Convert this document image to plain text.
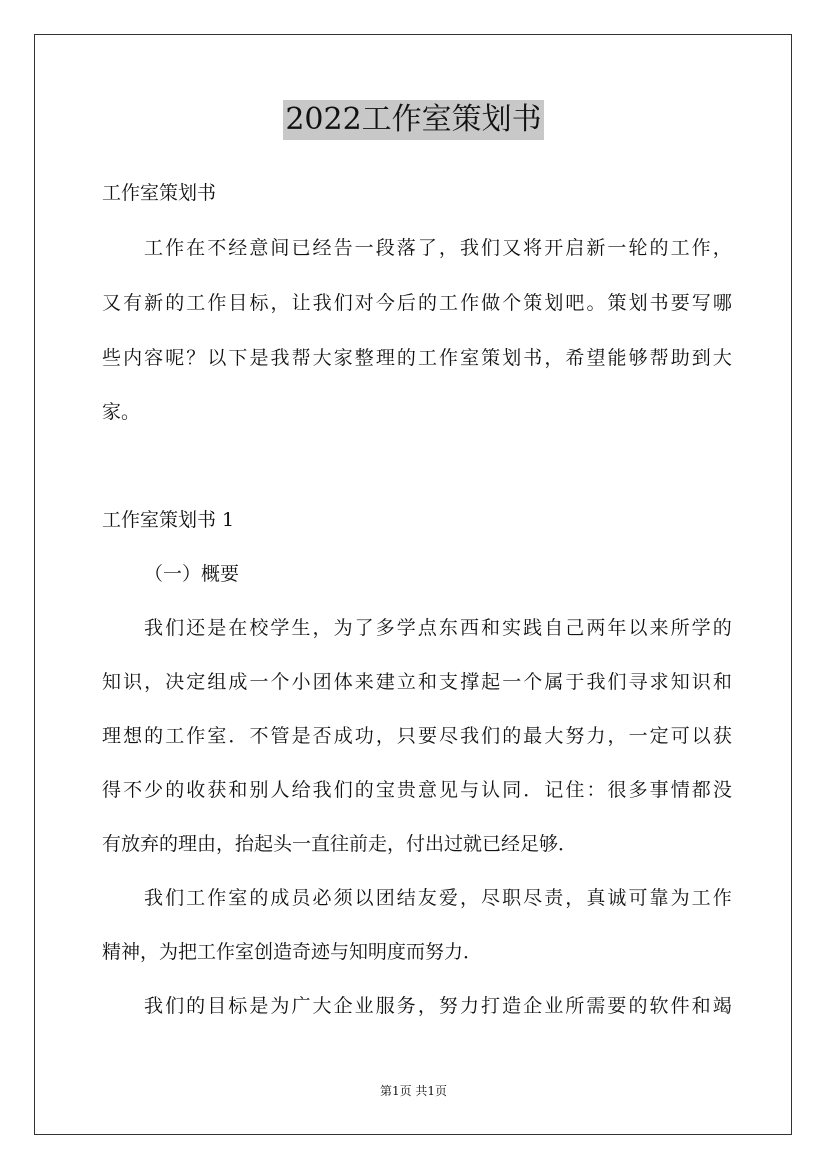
2022工作室策划书
工作室策划书
工 作 在 不 经 意 间 已 经 告 一 段 落 了 ， 我 们 又 将 开 启 新 一 轮 的 工 作 ，
又 有 新 的 工 作 目 标 ， 让 我 们 对 今 后 的 工 作 做 个 策 划 吧 。 策 划 书 要 写 哪
些 内 容 呢 ？ 以 下 是 我 帮 大 家 整 理 的 工 作 室 策 划 书 ， 希 望 能 够 帮 助 到 大
家。
工作室策划书 1
（一）概要
我 们 还 是 在 校 学 生 ， 为 了 多 学 点 东 西 和 实 践 自 己 两 年 以 来 所 学 的
知 识 ， 决 定 组 成 一 个 小 团 体 来 建 立 和 支 撑 起 一 个 属 于 我 们 寻 求 知 识 和
理 想 的 工 作 室 ． 不 管 是 否 成 功 ， 只 要 尽 我 们 的 最 大 努 力 ， 一 定 可 以 获
得 不 少 的 收 获 和 别 人 给 我 们 的 宝 贵 意 见 与 认 同 ． 记 住 ： 很 多 事 情 都 没
有放弃的理由，抬起头一直往前走，付出过就已经足够．
我 们 工 作 室 的 成 员 必 须 以 团 结 友 爱 ， 尽 职 尽 责 ， 真 诚 可 靠 为 工 作
精神，为把工作室创造奇迹与知明度而努力．
我 们 的 目 标 是 为 广 大 企 业 服 务 ， 努 力 打 造 企 业 所 需 要 的 软 件 和 竭
第1页 共1页
